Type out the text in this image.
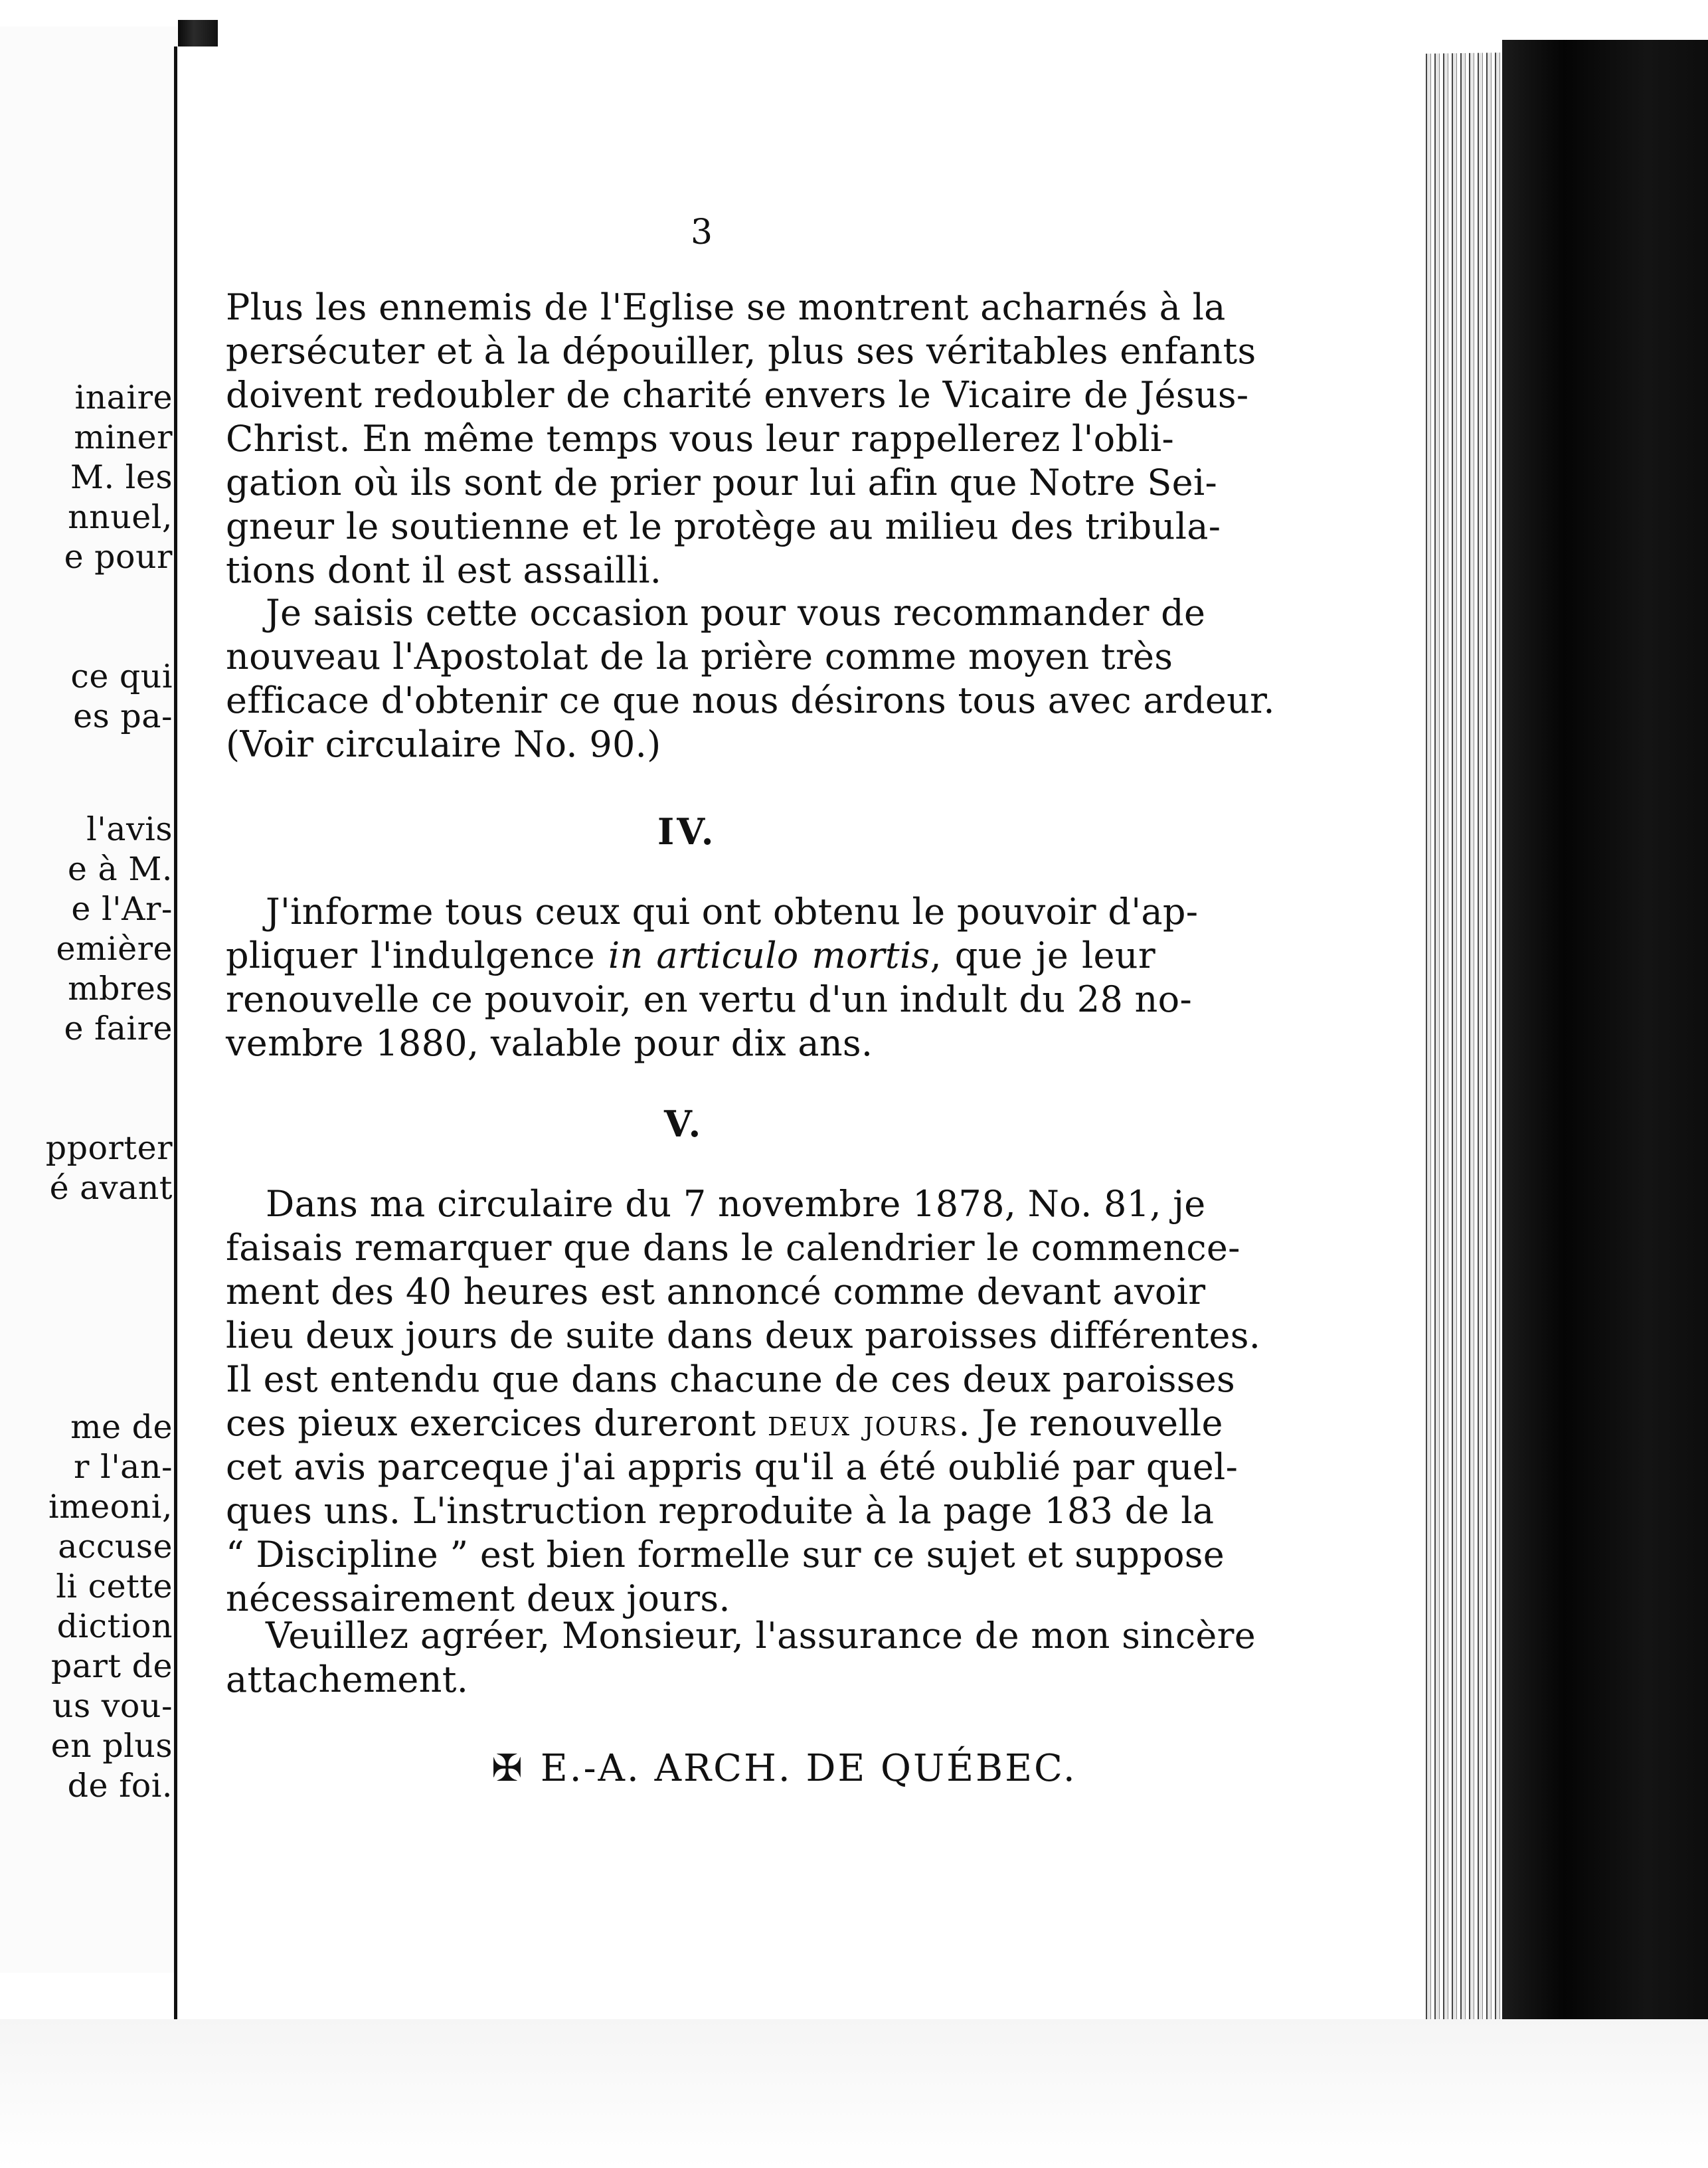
inaire
miner
M. les
nnuel,
e pour
ce qui
es pa-
l'avis
e à M.
e l'Ar-
emière
mbres
e faire
pporter
é avant
me de
r l'an-
imeoni,
accuse
li cette
diction
part de
us vou-
en plus
de foi.
3
Plus les ennemis de l'Eglise se montrent acharnés à la
persécuter et à la dépouiller, plus ses véritables enfants
doivent redoubler de charité envers le Vicaire de Jésus-
Christ. En même temps vous leur rappellerez l'obli-
gation où ils sont de prier pour lui afin que Notre Sei-
gneur le soutienne et le protège au milieu des tribula-
tions dont il est assailli.
Je saisis cette occasion pour vous recommander de
nouveau l'Apostolat de la prière comme moyen très
efficace d'obtenir ce que nous désirons tous avec ardeur.
(Voir circulaire No. 90.)
IV.
J'informe tous ceux qui ont obtenu le pouvoir d'ap-
pliquer l'indulgence in articulo mortis, que je leur
renouvelle ce pouvoir, en vertu d'un indult du 28 no-
vembre 1880, valable pour dix ans.
V.
Dans ma circulaire du 7 novembre 1878, No. 81, je
faisais remarquer que dans le calendrier le commence-
ment des 40 heures est annoncé comme devant avoir
lieu deux jours de suite dans deux paroisses différentes.
Il est entendu que dans chacune de ces deux paroisses
ces pieux exercices dureront deux jours. Je renouvelle
cet avis parceque j'ai appris qu'il a été oublié par quel-
ques uns. L'instruction reproduite à la page 183 de la
“ Discipline ” est bien formelle sur ce sujet et suppose
nécessairement deux jours.
Veuillez agréer, Monsieur, l'assurance de mon sincère
attachement.
✠ E.-A. ARCH. DE QUÉBEC.
